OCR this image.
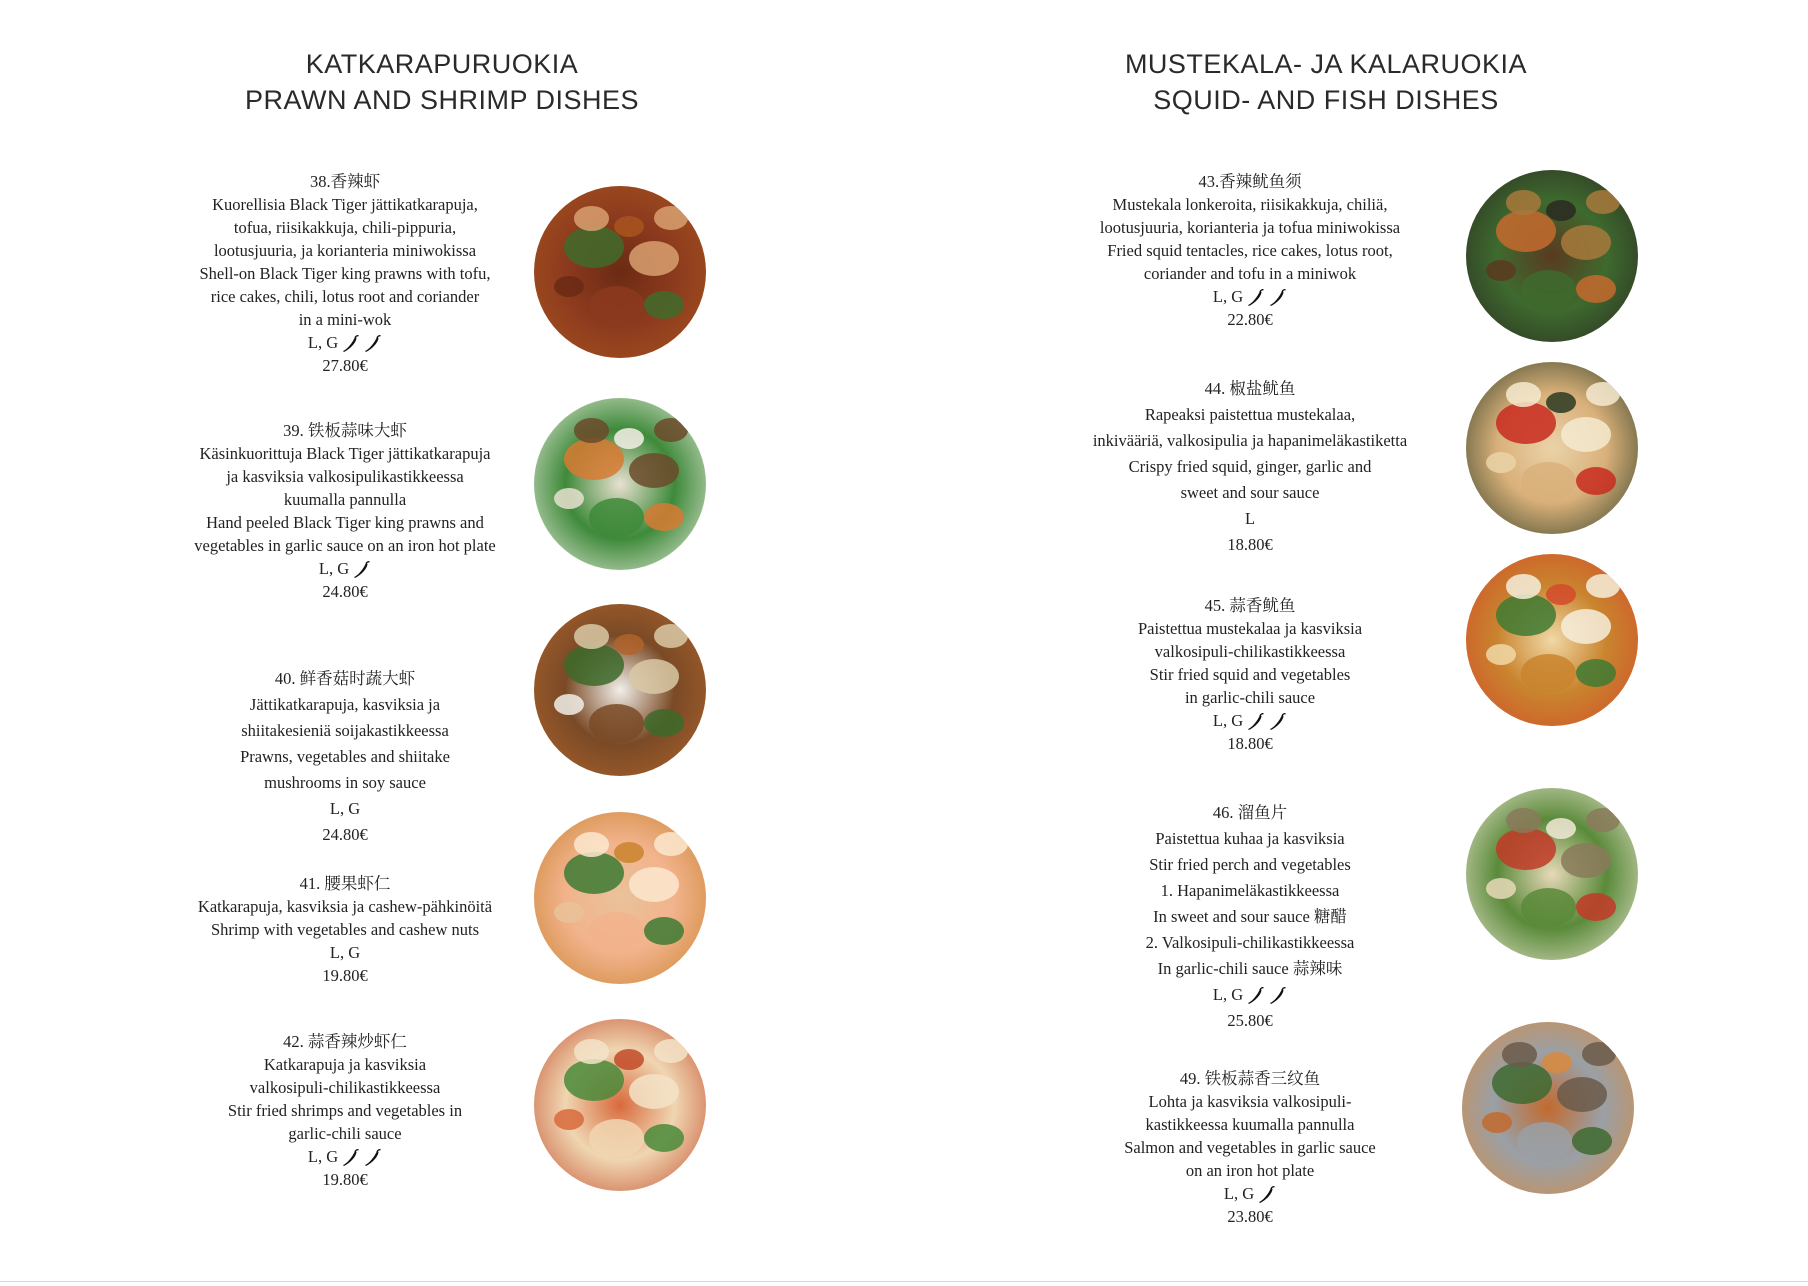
KATKARAPURUOKIA
PRAWN AND SHRIMP DISHES
38.香辣虾
Kuorellisia Black Tiger jättikatkarapuja,
tofua, riisikakkuja, chili-pippuria,
lootusjuuria, ja korianteria miniwokissa
Shell-on Black Tiger king prawns with tofu,
rice cakes, chili, lotus root and coriander
in a mini-wok
L, G
27.80€
39. 铁板蒜味大虾
Käsinkuorittuja Black Tiger jättikatkarapuja
ja kasviksia valkosipulikastikkeessa
kuumalla pannulla
Hand peeled Black Tiger king prawns and
vegetables in garlic sauce on an iron hot plate
L, G
24.80€
40. 鲜香菇时蔬大虾
Jättikatkarapuja, kasviksia ja
shiitakesieniä soijakastikkeessa
Prawns, vegetables and shiitake
mushrooms in soy sauce
L, G
24.80€
41. 腰果虾仁
Katkarapuja, kasviksia ja cashew-pähkinöitä
Shrimp with vegetables and cashew nuts
L, G
19.80€
42. 蒜香辣炒虾仁
Katkarapuja ja kasviksia
valkosipuli-chilikastikkeessa
Stir fried shrimps and vegetables in
garlic-chili sauce
L, G
19.80€
MUSTEKALA- JA KALARUOKIA
SQUID- AND FISH DISHES
43.香辣鱿鱼须
Mustekala lonkeroita, riisikakkuja, chiliä,
lootusjuuria, korianteria ja tofua miniwokissa
Fried squid tentacles, rice cakes, lotus root,
coriander and tofu in a miniwok
L, G
22.80€
44. 椒盐鱿鱼
Rapeaksi paistettua mustekalaa,
inkivääriä, valkosipulia ja hapanimeläkastiketta
Crispy fried squid, ginger, garlic and
sweet and sour sauce
L
18.80€
45. 蒜香鱿鱼
Paistettua mustekalaa ja kasviksia
valkosipuli-chilikastikkeessa
Stir fried squid and vegetables
in garlic-chili sauce
L, G
18.80€
46. 溜鱼片
Paistettua kuhaa ja kasviksia
Stir fried perch and vegetables
1. Hapanimeläkastikkeessa
In sweet and sour sauce 糖醋
2. Valkosipuli-chilikastikkeessa
In garlic-chili sauce 蒜辣味
L, G
25.80€
49. 铁板蒜香三纹鱼
Lohta ja kasviksia valkosipuli-
kastikkeessa kuumalla pannulla
Salmon and vegetables in garlic sauce
on an iron hot plate
L, G
23.80€
